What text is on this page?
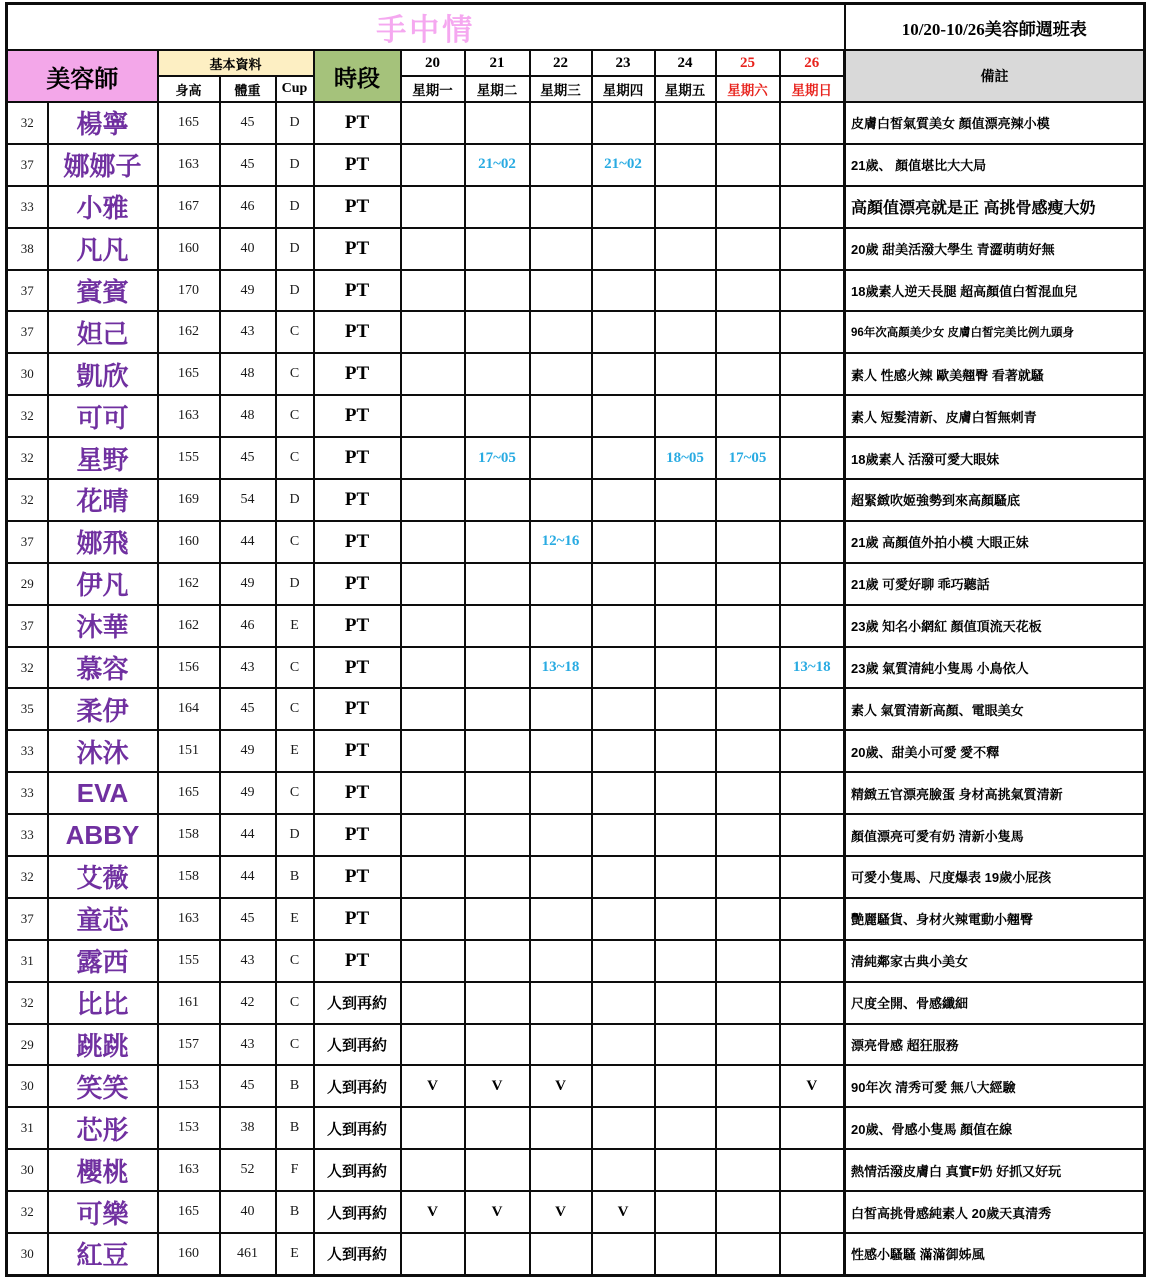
手中情													10/20-10/26美容師週班表
美容師		基本資料			時段	20	21	22	23	24	25	26	備註
		身高	體重	Cup		星期一	星期二	星期三	星期四	星期五	星期六	星期日	
32	楊寧	165	45	D	PT								皮膚白皙氣質美女 顏值漂亮辣小模
37	娜娜子	163	45	D	PT		21~02		21~02				21歲、 顏值堪比大大局
33	小雅	167	46	D	PT								高顏值漂亮就是正 高挑骨感瘦大奶
38	凡凡	160	40	D	PT								20歲 甜美活潑大學生 青澀萌萌好無
37	賓賓	170	49	D	PT								18歲素人逆天長腿 超高顏值白皙混血兒
37	妲己	162	43	C	PT								96年次高顏美少女 皮膚白皙完美比例九頭身
30	凱欣	165	48	C	PT								素人 性感火辣 歐美翹臀 看著就騷
32	可可	163	48	C	PT								素人 短髮清新、皮膚白皙無刺青
32	星野	155	45	C	PT		17~05			18~05	17~05		18歲素人 活潑可愛大眼妹
32	花晴	169	54	D	PT								超緊緻吹姬強勢到來高顏騷底
37	娜飛	160	44	C	PT			12~16					21歲 高顏值外拍小模 大眼正妹
29	伊凡	162	49	D	PT								21歲 可愛好聊 乖巧聽話
37	沐華	162	46	E	PT								23歲 知名小網紅 顏值頂流天花板
32	慕容	156	43	C	PT			13~18				13~18	23歲 氣質清純小隻馬 小鳥依人
35	柔伊	164	45	C	PT								素人 氣質清新高顏、電眼美女
33	沐沐	151	49	E	PT								20歲、甜美小可愛 愛不釋
33	EVA	165	49	C	PT								精緻五官漂亮臉蛋 身材高挑氣質清新
33	ABBY	158	44	D	PT								顏值漂亮可愛有奶 清新小隻馬
32	艾薇	158	44	B	PT								可愛小隻馬、尺度爆表 19歲小屁孩
37	童芯	163	45	E	PT								艷麗騷貨、身材火辣電動小翹臀
31	露西	155	43	C	PT								清純鄰家古典小美女
32	比比	161	42	C	人到再約								尺度全開、骨感纖細
29	跳跳	157	43	C	人到再約								漂亮骨感 超狂服務
30	笑笑	153	45	B	人到再約	V	V	V				V	90年次 清秀可愛 無八大經驗
31	芯彤	153	38	B	人到再約								20歲、骨感小隻馬 顏值在線
30	櫻桃	163	52	F	人到再約								熱情活潑皮膚白 真實F奶 好抓又好玩
32	可樂	165	40	B	人到再約	V	V	V	V				白皙高挑骨感純素人 20歲天真清秀
30	紅豆	160	461	E	人到再約								性感小騷騷 滿滿御姊風
